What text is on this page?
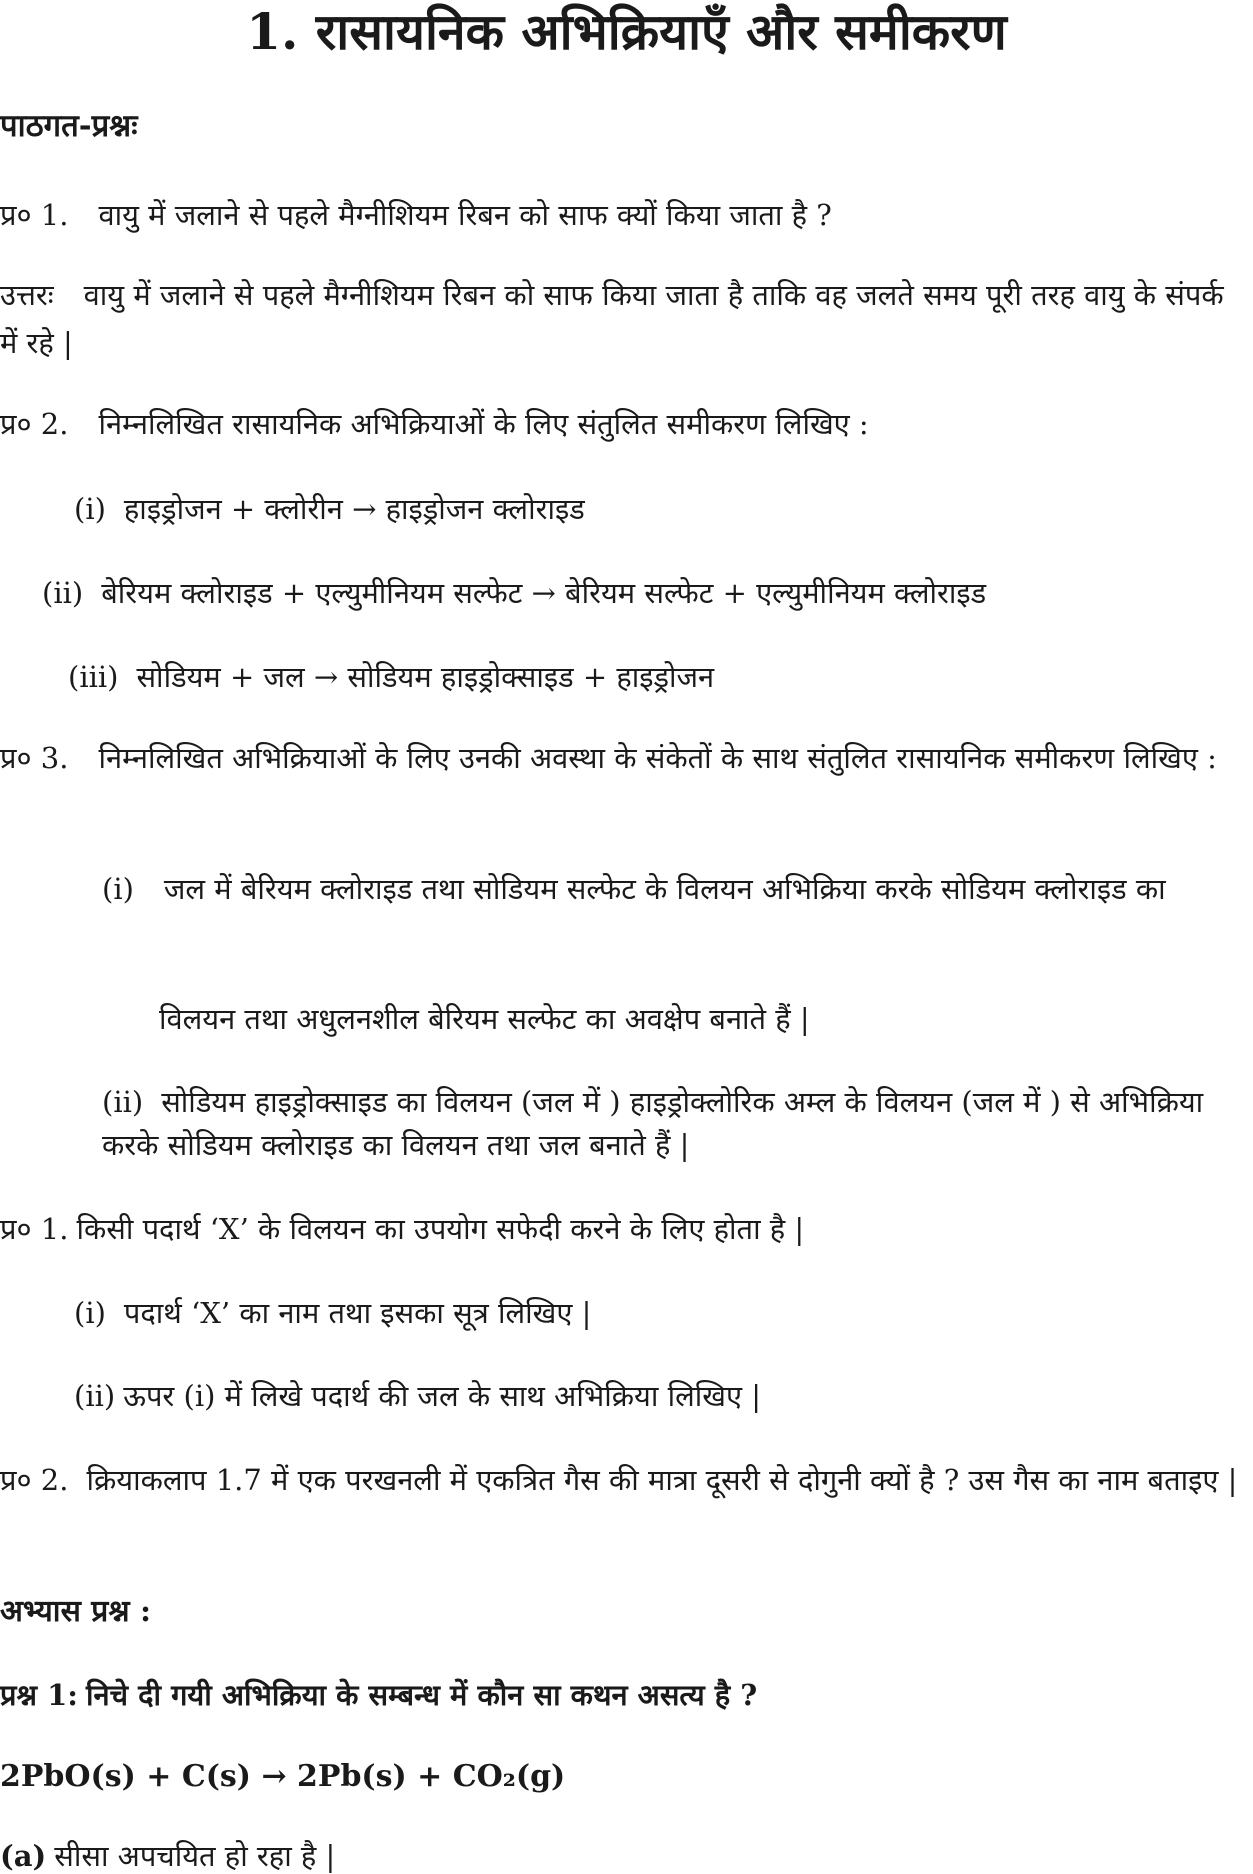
1. रासायनिक अभिक्रियाएँ और समीकरण
पाठगत-प्रश्नः
प्र० 1. वायु में जलाने से पहले मैग्नीशियम रिबन को साफ क्यों किया जाता है ?
उत्तरः वायु में जलाने से पहले मैग्नीशियम रिबन को साफ किया जाता है ताकि वह जलते समय पूरी तरह वायु के संपर्क में रहे |
प्र० 2. निम्नलिखित रासायनिक अभिक्रियाओं के लिए संतुलित समीकरण लिखिए :
(i) हाइड्रोजन + क्लोरीन → हाइड्रोजन क्लोराइड
(ii) बेरियम क्लोराइड + एल्युमीनियम सल्फेट → बेरियम सल्फेट + एल्युमीनियम क्लोराइड
(iii) सोडियम + जल → सोडियम हाइड्रोक्साइड + हाइड्रोजन
प्र० 3. निम्नलिखित अभिक्रियाओं के लिए उनकी अवस्था के संकेतों के साथ संतुलित रासायनिक समीकरण लिखिए :
(i) जल में बेरियम क्लोराइड तथा सोडियम सल्फेट के विलयन अभिक्रिया करके सोडियम क्लोराइड का
विलयन तथा अधुलनशील बेरियम सल्फेट का अवक्षेप बनाते हैं |
(ii) सोडियम हाइड्रोक्साइड का विलयन (जल में ) हाइड्रोक्लोरिक अम्ल के विलयन (जल में ) से अभिक्रिया करके सोडियम क्लोराइड का विलयन तथा जल बनाते हैं |
प्र० 1. किसी पदार्थ ‘X’ के विलयन का उपयोग सफेदी करने के लिए होता है |
(i) पदार्थ ‘X’ का नाम तथा इसका सूत्र लिखिए |
(ii) ऊपर (i) में लिखे पदार्थ की जल के साथ अभिक्रिया लिखिए |
प्र० 2. क्रियाकलाप 1.7 में एक परखनली में एकत्रित गैस की मात्रा दूसरी से दोगुनी क्यों है ? उस गैस का नाम बताइए |
अभ्यास प्रश्न :
प्रश्न 1: निचे दी गयी अभिक्रिया के सम्बन्ध में कौन सा कथन असत्य है ?
2PbO(s) + C(s) → 2Pb(s) + CO₂(g)
(a) सीसा अपचयित हो रहा है |
